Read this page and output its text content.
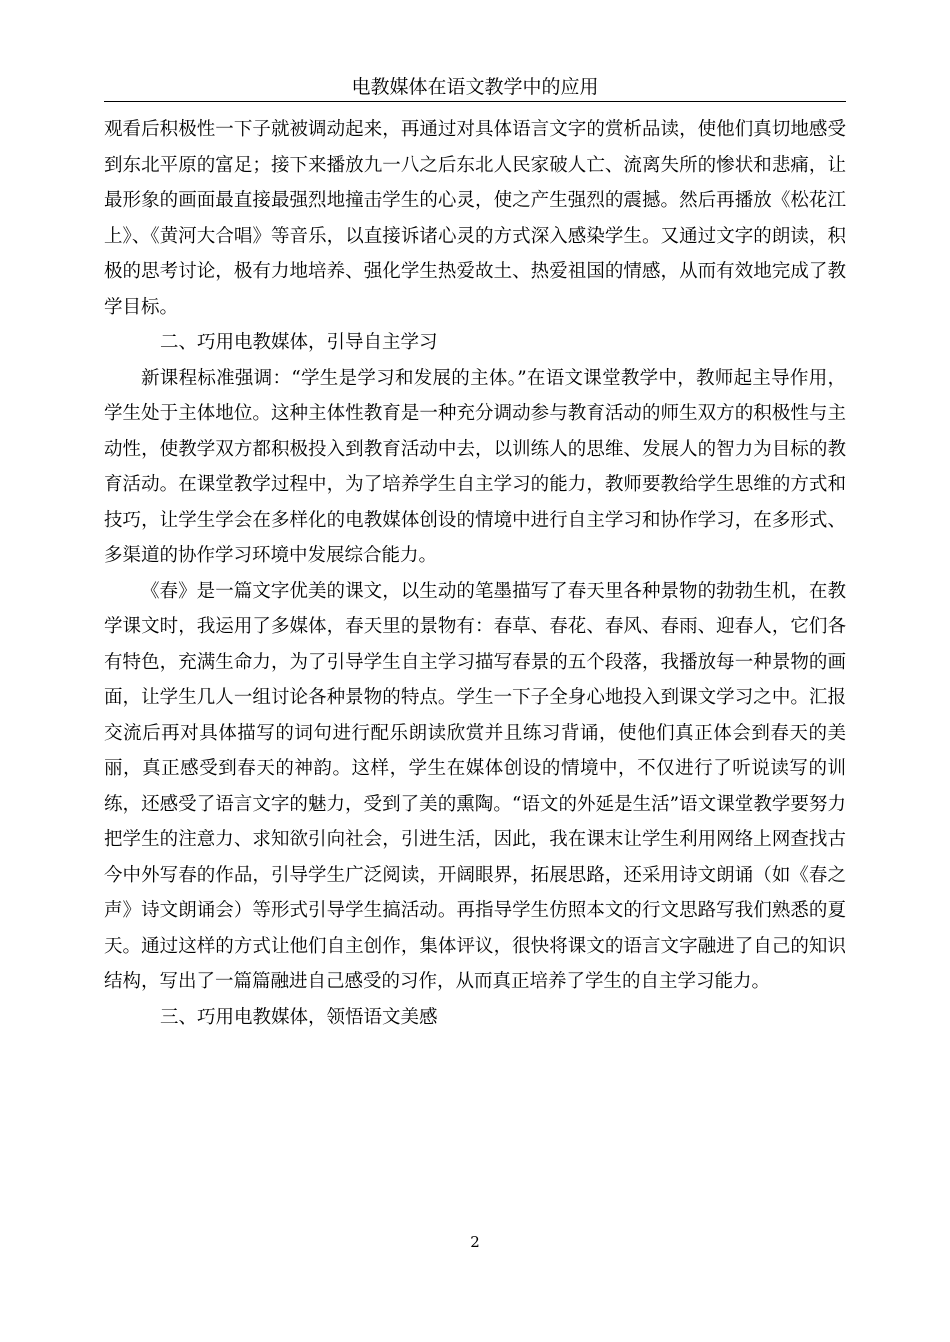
电教媒体在语文教学中的应用

观看后积极性一下子就被调动起来，再通过对具体语言文字的赏析品读，使他们真切地感受到东北平原的富足；接下来播放九一八之后东北人民家破人亡、流离失所的惨状和悲痛，让最形象的画面最直接最强烈地撞击学生的心灵，使之产生强烈的震撼。然后再播放《松花江上》、《黄河大合唱》等音乐，以直接诉诸心灵的方式深入感染学生。又通过文字的朗读，积极的思考讨论，极有力地培养、强化学生热爱故土、热爱祖国的情感，从而有效地完成了教学目标。

二、巧用电教媒体，引导自主学习

新课程标准强调：“学生是学习和发展的主体。”在语文课堂教学中，教师起主导作用，学生处于主体地位。这种主体性教育是一种充分调动参与教育活动的师生双方的积极性与主动性，使教学双方都积极投入到教育活动中去，以训练人的思维、发展人的智力为目标的教育活动。在课堂教学过程中，为了培养学生自主学习的能力，教师要教给学生思维的方式和技巧，让学生学会在多样化的电教媒体创设的情境中进行自主学习和协作学习，在多形式、多渠道的协作学习环境中发展综合能力。

《春》是一篇文字优美的课文，以生动的笔墨描写了春天里各种景物的勃勃生机，在教学课文时，我运用了多媒体，春天里的景物有：春草、春花、春风、春雨、迎春人，它们各有特色，充满生命力，为了引导学生自主学习描写春景的五个段落，我播放每一种景物的画面，让学生几人一组讨论各种景物的特点。学生一下子全身心地投入到课文学习之中。汇报交流后再对具体描写的词句进行配乐朗读欣赏并且练习背诵，使他们真正体会到春天的美丽，真正感受到春天的神韵。这样，学生在媒体创设的情境中，不仅进行了听说读写的训练，还感受了语言文字的魅力，受到了美的熏陶。“语文的外延是生活”语文课堂教学要努力把学生的注意力、求知欲引向社会，引进生活，因此，我在课末让学生利用网络上网查找古今中外写春的作品，引导学生广泛阅读，开阔眼界，拓展思路，还采用诗文朗诵（如《春之声》诗文朗诵会）等形式引导学生搞活动。再指导学生仿照本文的行文思路写我们熟悉的夏天。通过这样的方式让他们自主创作，集体评议，很快将课文的语言文字融进了自己的知识结构，写出了一篇篇融进自己感受的习作，从而真正培养了学生的自主学习能力。

三、巧用电教媒体，领悟语文美感

2
